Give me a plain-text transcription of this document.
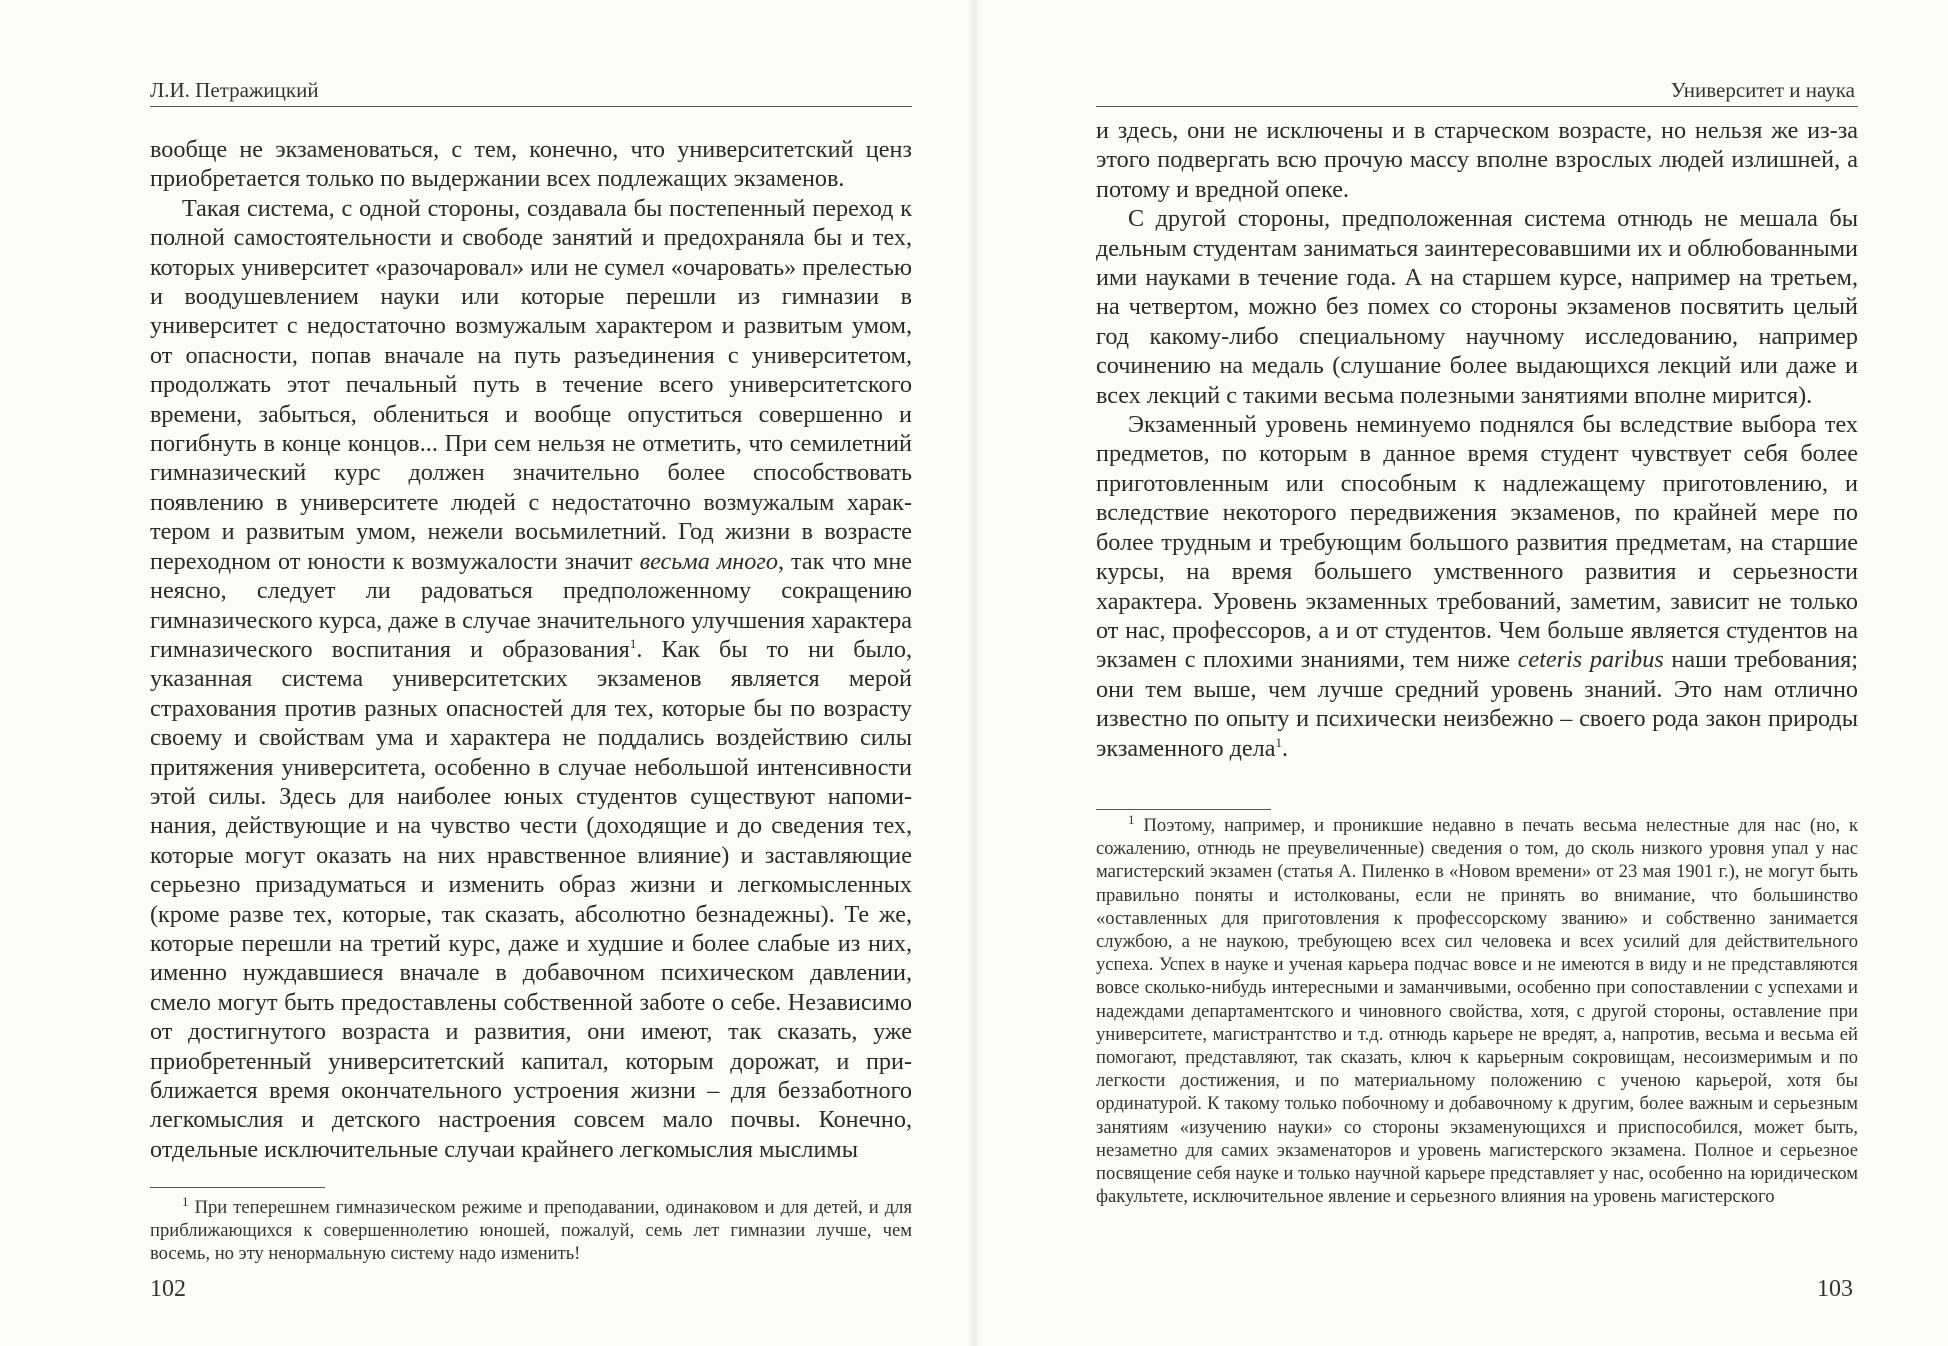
Л.И. Петражицкий

вообще не экзаменоваться, с тем, конечно, что университетский ценз приобретается только по выдержании всех подлежащих экзаменов.

Такая система, с одной стороны, создавала бы постепенный переход к полной самостоятельности и свободе занятий и предохраняла бы и тех, которых университет «разочаровал» или не сумел «очаровать» прелестью и воодушевлением науки или которые перешли из гимназии в университет с недостаточно возмужалым характером и развитым умом, от опасности, попав вначале на путь разъединения с университетом, продолжать этот печальный путь в течение всего университетского времени, забыться, облениться и вообще опуститься совершенно и погибнуть в конце концов... При сем нельзя не отметить, что семилетний гимназический курс должен значительно более способствовать появлению в университете людей с недостаточно возмужалым характером и развитым умом, нежели восьмилетний. Год жизни в возрасте переходном от юности к возмужалости значит весьма много, так что мне неясно, следует ли радоваться предположенному сокращению гимназического курса, даже в случае значительного улучшения характера гимназического воспитания и образования$^1$. Как бы то ни было, указанная система университетских экзаменов является мерой страхования против разных опасностей для тех, которые бы по возрасту своему и свойствам ума и характера не поддались воздействию силы притяжения университета, особенно в случае небольшой интенсивности этой силы. Здесь для наиболее юных студентов существуют напоминания, действующие и на чувство чести (доходящие и до сведения тех, которые могут оказать на них нравственное влияние) и заставляющие серьезно призадуматься и изменить образ жизни и легкомысленных (кроме разве тех, которые, так сказать, абсолютно безнадежны). Те же, которые перешли на третий курс, даже и худшие и более слабые из них, именно нуждавшиеся вначале в добавочном психическом давлении, смело могут быть предоставлены собственной заботе о себе. Независимо от достигнутого возраста и развития, они имеют, так сказать, уже приобретенный университетский капитал, которым дорожат, и приближается время окончательного устроения жизни – для беззаботного легкомыслия и детского настроения совсем мало почвы. Конечно, отдельные исключительные случаи крайнего легкомыслия мыслимы

$^1$ При теперешнем гимназическом режиме и преподавании, одинаковом и для детей, и для приближающихся к совершеннолетию юношей, пожалуй, семь лет гимназии лучше, чем восемь, но эту ненормальную систему надо изменить!

102
Университет и наука

и здесь, они не исключены и в старческом возрасте, но нельзя же из-за этого подвергать всю прочую массу вполне взрослых людей излишней, а потому и вредной опеке.

С другой стороны, предположенная система отнюдь не мешала бы дельным студентам заниматься заинтересовавшими их и облюбованными ими науками в течение года. А на старшем курсе, например на третьем, на четвертом, можно без помех со стороны экзаменов посвятить целый год какому-либо специальному научному исследованию, например сочинению на медаль (слушание более выдающихся лекций или даже и всех лекций с такими весьма полезными занятиями вполне мирится).

Экзаменный уровень неминуемо поднялся бы вследствие выбора тех предметов, по которым в данное время студент чувствует себя более приготовленным или способным к надлежащему приготовлению, и вследствие некоторого передвижения экзаменов, по крайней мере по более трудным и требующим большого развития предметам, на старшие курсы, на время большего умственного развития и серьезности характера. Уровень экзаменных требований, заметим, зависит не только от нас, профессоров, а и от студентов. Чем больше является студентов на экзамен с плохими знаниями, тем ниже ceteris paribus наши требования; они тем выше, чем лучше средний уровень знаний. Это нам отлично известно по опыту и психически неизбежно – своего рода закон природы экзаменного дела$^1$.

$^1$ Поэтому, например, и проникшие недавно в печать весьма нелестные для нас (но, к сожалению, отнюдь не преувеличенные) сведения о том, до сколь низкого уровня упал у нас магистерский экзамен (статья А. Пиленко в «Новом времени» от 23 мая 1901 г.), не могут быть правильно поняты и истолкованы, если не принять во внимание, что большинство «оставленных для приготовления к профессорскому званию» и собственно занимается службою, а не наукою, требующею всех сил человека и всех усилий для действительного успеха. Успех в науке и ученая карьера подчас вовсе и не имеются в виду и не представляются вовсе сколько-нибудь интересными и заманчивыми, особенно при сопоставлении с успехами и надеждами департаментского и чиновного свойства, хотя, с другой стороны, оставление при университете, магистрантство и т.д. отнюдь карьере не вредят, а, напротив, весьма и весьма ей помогают, представляют, так сказать, ключ к карьерным сокровищам, несоизмеримым и по легкости достижения, и по материальному положению с ученою карьерой, хотя бы ординатурой. К такому только побочному и добавочному к другим, более важным и серьезным занятиям «изучению науки» со стороны экзаменующихся и приспособился, может быть, незаметно для самих экзаменаторов и уровень магистерского экзамена. Полное и серьезное посвящение себя науке и только научной карьере представляет у нас, особенно на юридическом факультете, исключительное явление и серьезного влияния на уровень магистерского

103
